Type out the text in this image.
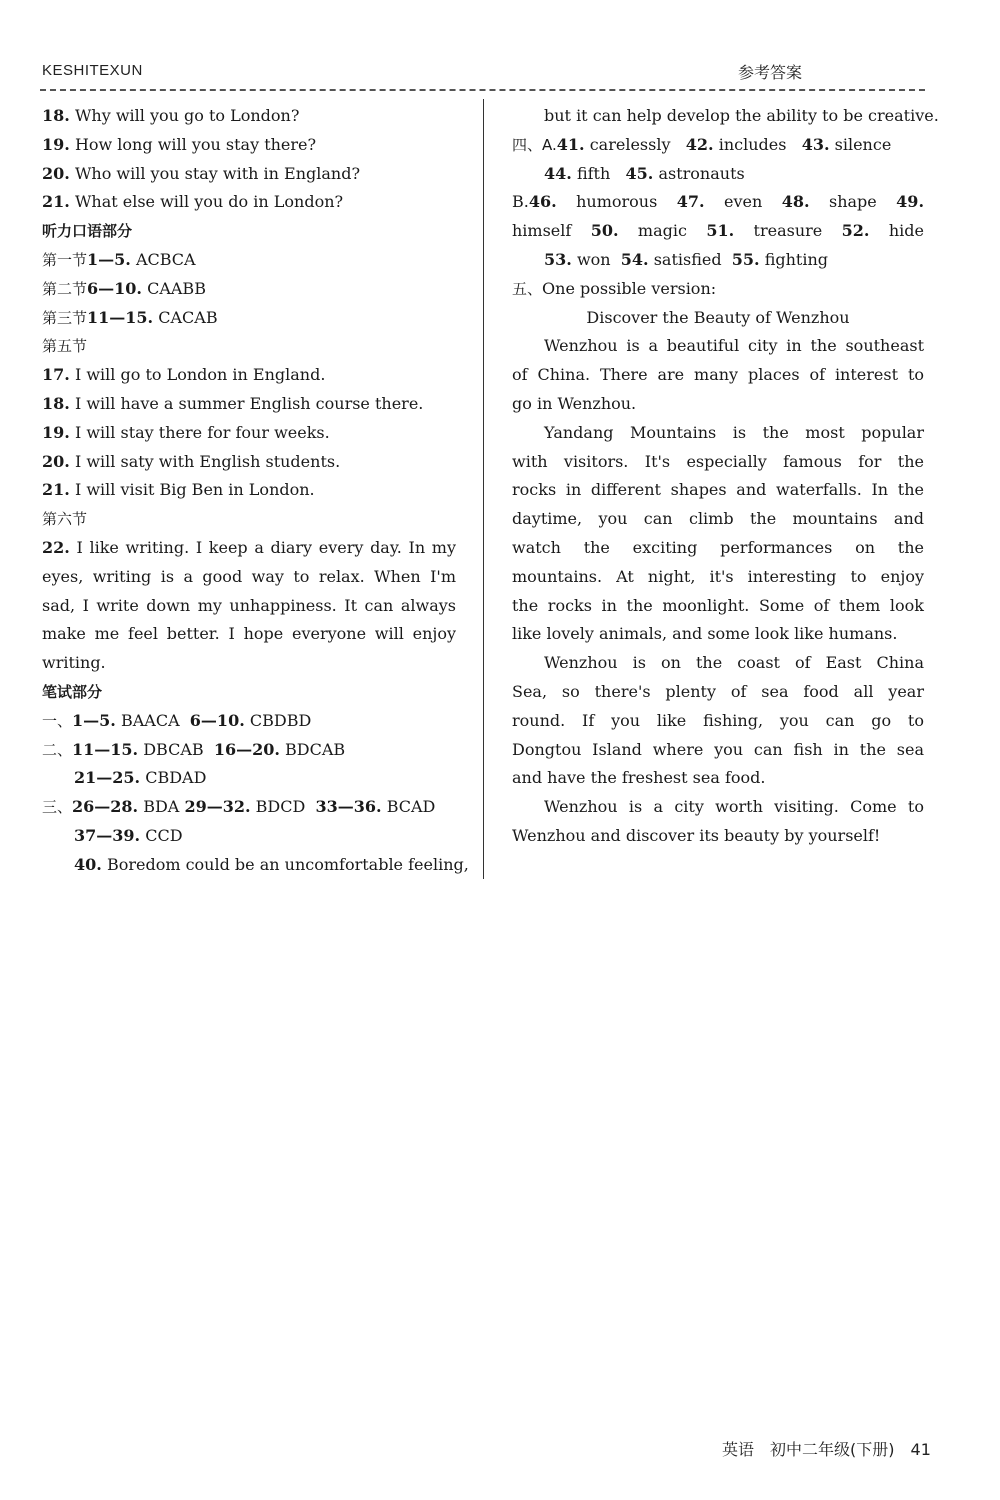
KESHITEXUN	参考答案
18. Why will you go to London?
19. How long will you stay there?
20. Who will you stay with in England?
21. What else will you do in London?
听力口语部分
第一节1—5. ACBCA
第二节6—10. CAABB
第三节11—15. CACAB
第五节
17. I will go to London in England.
18. I will have a summer English course there.
19. I will stay there for four weeks.
20. I will saty with English students.
21. I will visit Big Ben in London.
第六节
22. I like writing. I keep a diary every day. In my
eyes, writing is a good way to relax. When I'm
sad, I write down my unhappiness. It can always
make me feel better. I hope everyone will enjoy
writing.
笔试部分
一、1—5. BAACA 6—10. CBDBD
二、11—15. DBCAB 16—20. BDCAB
21—25. CBDAD
三、26—28. BDA 29—32. BDCD 33—36. BCAD
37—39. CCD
40. Boredom could be an uncomfortable feeling,
but it can help develop the ability to be creative.
四、A.41. carelessly 42. includes 43. silence
44. fifth 45. astronauts
B.46. humorous 47. even 48. shape 49.
himself 50. magic 51. treasure 52. hide
53. won 54. satisfied 55. fighting
五、One possible version:
Discover the Beauty of Wenzhou
Wenzhou is a beautiful city in the southeast
of China. There are many places of interest to
go in Wenzhou.
Yandang Mountains is the most popular
with visitors. It's especially famous for the
rocks in different shapes and waterfalls. In the
daytime, you can climb the mountains and
watch the exciting performances on the
mountains. At night, it's interesting to enjoy
the rocks in the moonlight. Some of them look
like lovely animals, and some look like humans.
Wenzhou is on the coast of East China
Sea, so there's plenty of sea food all year
round. If you like fishing, you can go to
Dongtou Island where you can fish in the sea
and have the freshest sea food.
Wenzhou is a city worth visiting. Come to
Wenzhou and discover its beauty by yourself!
英语 初中二年级(下册) 41
